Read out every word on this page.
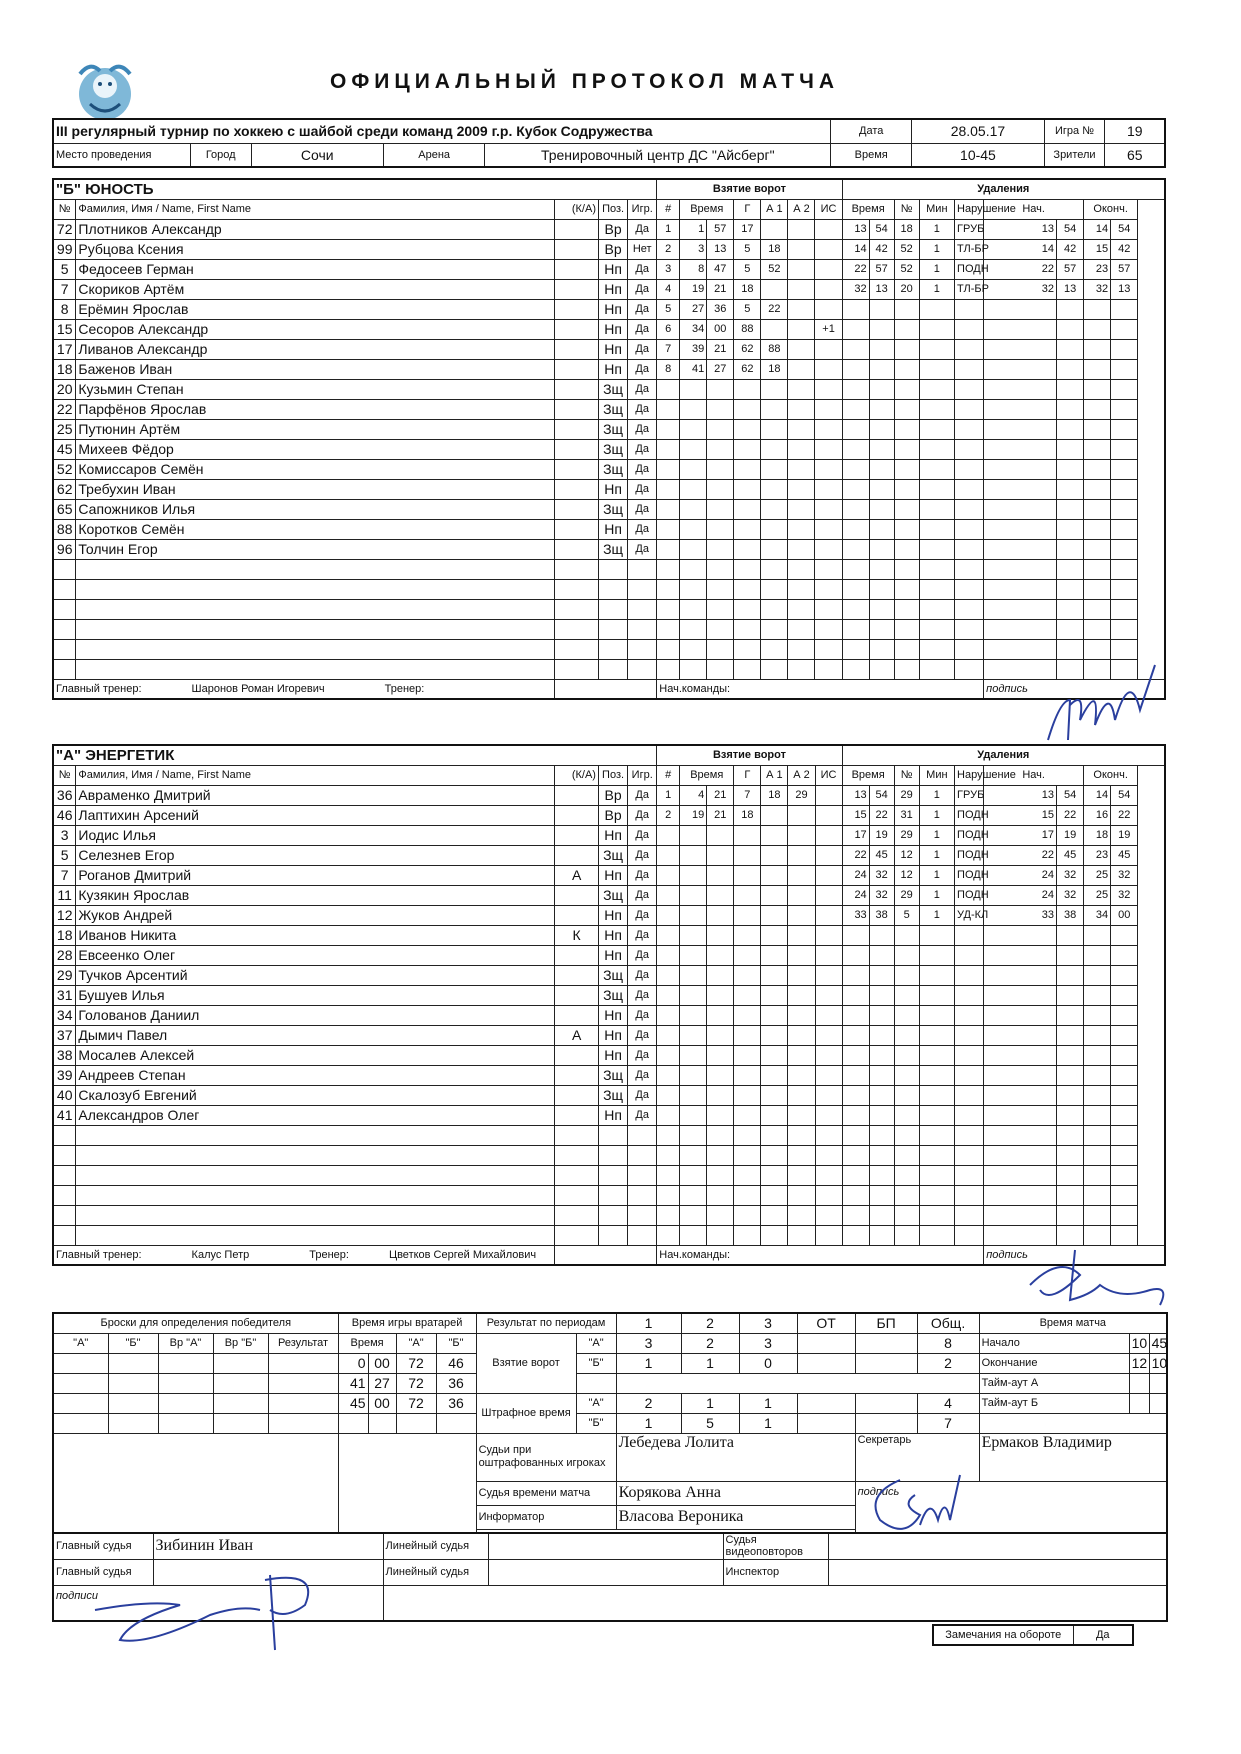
ОФИЦИАЛЬНЫЙ ПРОТОКОЛ МАТЧА
III регулярный турнир по хоккею с шайбой среди команд 2009 г.р. Кубок Содружества					Дата	28.05.17	Игра №	19
Место проведения	Город	Сочи	Арена	Тренировочный центр ДС "Айсберг"	Время	10-45	Зрители	65
"Б" ЮНОСТЬ					Взятие ворот							Удаления								
№	Фамилия, Имя / Name, First Name	(К/А)	Поз.	Игр.	#	Время		Г	А 1	А 2	ИС	Время		№	Мин	Нарушение	Нач.		Оконч.	
72	Плотников Александр		Вр	Да	1	1	57	17				13	54	18	1	ГРУБ	13	54	14	54
99	Рубцова Ксения		Вр	Нет	2	3	13	5	18			14	42	52	1	ТЛ-БР	14	42	15	42
5	Федосеев Герман		Нп	Да	3	8	47	5	52			22	57	52	1	ПОДН	22	57	23	57
7	Скориков Артём		Нп	Да	4	19	21	18				32	13	20	1	ТЛ-БР	32	13	32	13
8	Ерёмин Ярослав		Нп	Да	5	27	36	5	22											
15	Сесоров Александр		Нп	Да	6	34	00	88			+1									
17	Ливанов Александр		Нп	Да	7	39	21	62	88											
18	Баженов Иван		Нп	Да	8	41	27	62	18											
20	Кузьмин Степан		Зщ	Да																
22	Парфёнов Ярослав		Зщ	Да																
25	Путюнин Артём		Зщ	Да																
45	Михеев Фёдор		Зщ	Да																
52	Комиссаров Семён		Зщ	Да																
62	Требухин Иван		Нп	Да																
65	Сапожников Илья		Зщ	Да																
88	Коротков Семён		Нп	Да																
96	Толчин Егор		Зщ	Да																

Главный тренер: Шаронов Роман Игоревич Тренер:					Нач.команды:												подпись			
"А" ЭНЕРГЕТИК					Взятие ворот							Удаления								
№	Фамилия, Имя / Name, First Name	(К/А)	Поз.	Игр.	#	Время		Г	А 1	А 2	ИС	Время		№	Мин	Нарушение	Нач.		Оконч.	
36	Авраменко Дмитрий		Вр	Да	1	4	21	7	18	29		13	54	29	1	ГРУБ	13	54	14	54
46	Лаптихин Арсений		Вр	Да	2	19	21	18				15	22	31	1	ПОДН	15	22	16	22
3	Иодис Илья		Нп	Да								17	19	29	1	ПОДН	17	19	18	19
5	Селезнев Егор		Зщ	Да								22	45	12	1	ПОДН	22	45	23	45
7	Роганов Дмитрий	А	Нп	Да								24	32	12	1	ПОДН	24	32	25	32
11	Кузякин Ярослав		Зщ	Да								24	32	29	1	ПОДН	24	32	25	32
12	Жуков Андрей		Нп	Да								33	38	5	1	УД-КЛ	33	38	34	00
18	Иванов Никита	К	Нп	Да																
28	Евсеенко Олег		Нп	Да																
29	Тучков Арсентий		Зщ	Да																
31	Бушуев Илья		Зщ	Да																
34	Голованов Даниил		Нп	Да																
37	Дымич Павел	А	Нп	Да																
38	Мосалев Алексей		Нп	Да																
39	Андреев Степан		Зщ	Да																
40	Скалозуб Евгений		Зщ	Да																
41	Александров Олег		Нп	Да																

Главный тренер: Калус Петр Тренер: Цветков Сергей Михайлович					Нач.команды:												подпись			
Броски для определения победителя					Время игры вратарей				Результат по периодам		1	2	3	ОТ	БП	Общ.	Время матча		
"А"	"Б"	Вр "А"	Вр "Б"	Результат	Время		"А"	"Б"	Взятие ворот	"А"	3	2	3			8	Начало	10	45
					0	00	72	46		"Б"	1	1	0			2	Окончание	12	10
					41	27	72	36									Тайм-аут А		
					45	00	72	36	Штрафное время	"А"	2	1	1			4	Тайм-аут Б		
										"Б"	1	5	1			7			
									Судьи при оштрафованных игроках		Лебедева Лолита				Секретарь		Ермаков Владимир		
									Судья времени матча		Корякова Анна				подпись				
									Информатор		Власова Вероника								

Главный судья	Зибинин Иван	Линейный судья		Судья видеоповторов	
Главный судья		Линейный судья		Инспектор	
подписи					
Замечания на обороте	Да
